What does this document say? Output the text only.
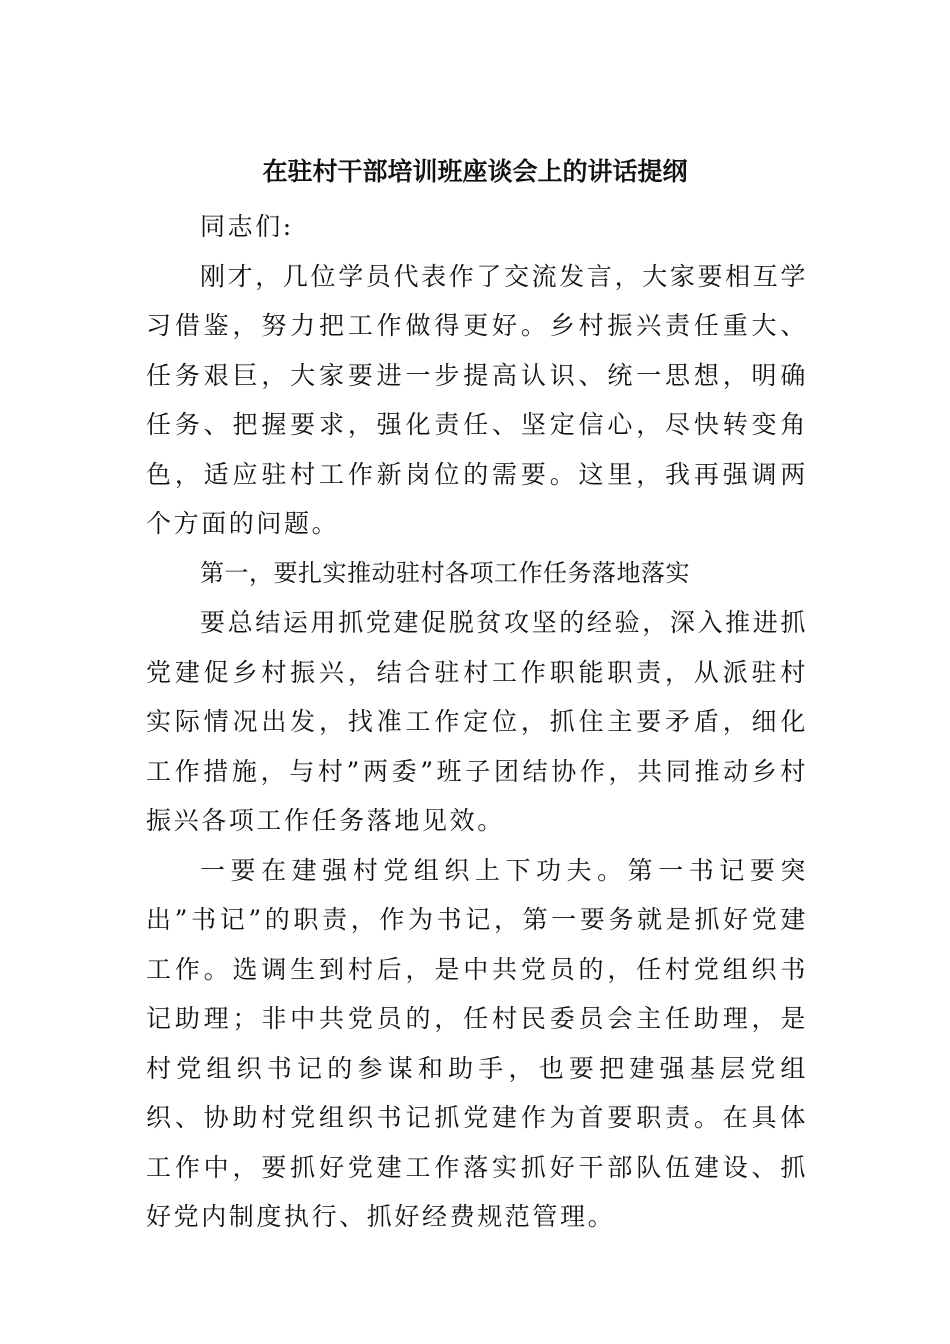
在驻村干部培训班座谈会上的讲话提纲

同志们:

刚才，几位学员代表作了交流发言，大家要相互学习借鉴，努力把工作做得更好。乡村振兴责任重大、任务艰巨，大家要进一步提高认识、统一思想，明确任务、把握要求，强化责任、坚定信心，尽快转变角色，适应驻村工作新岗位的需要。这里，我再强调两个方面的问题。

第一，要扎实推动驻村各项工作任务落地落实

要总结运用抓党建促脱贫攻坚的经验，深入推进抓党建促乡村振兴，结合驻村工作职能职责，从派驻村实际情况出发，找准工作定位，抓住主要矛盾，细化工作措施，与村”两委”班子团结协作，共同推动乡村振兴各项工作任务落地见效。

一要在建强村党组织上下功夫。第一书记要突出”书记”的职责，作为书记，第一要务就是抓好党建工作。选调生到村后，是中共党员的，任村党组织书记助理；非中共党员的，任村民委员会主任助理，是村党组织书记的参谋和助手，也要把建强基层党组织、协助村党组织书记抓党建作为首要职责。在具体工作中，要抓好党建工作落实抓好干部队伍建设、抓好党内制度执行、抓好经费规范管理。
